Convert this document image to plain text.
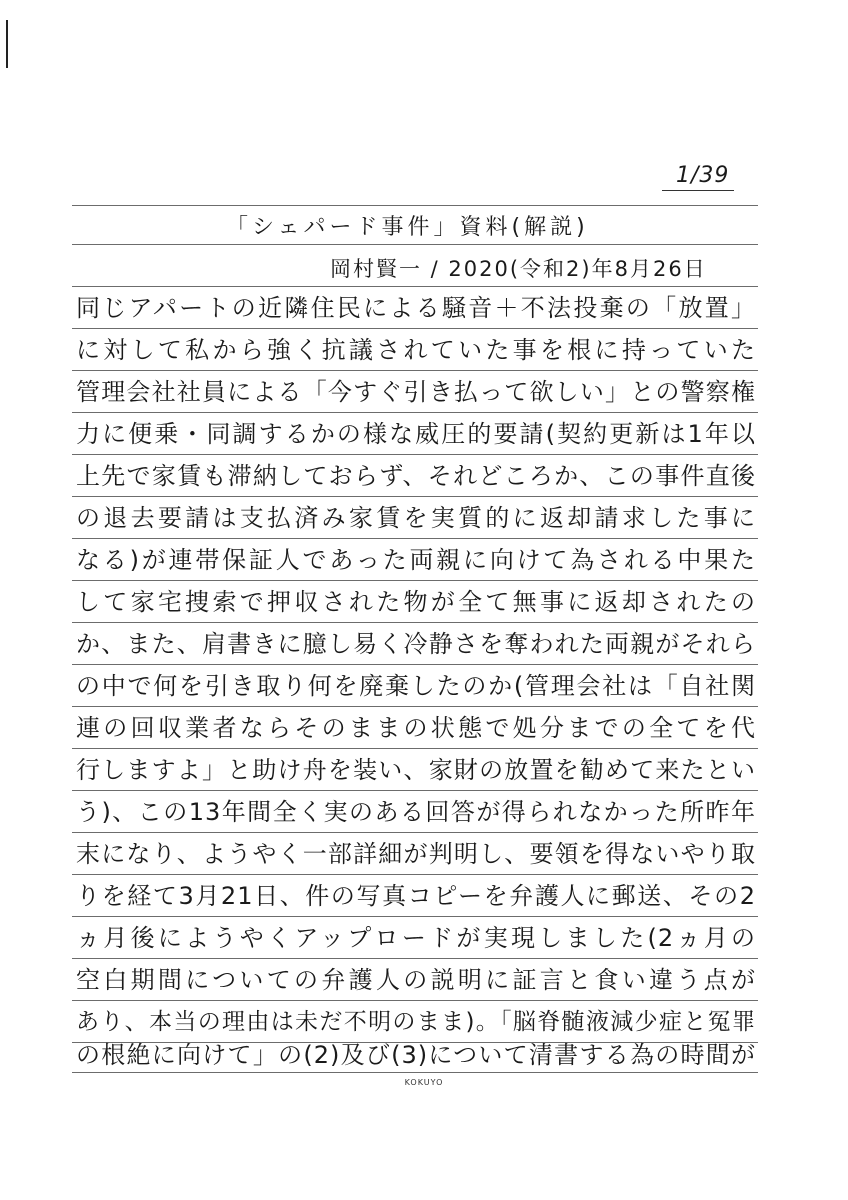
1/39
「シェパード事件」資料(解説)
岡村賢一 / 2020(令和2)年8月26日
同じアパートの近隣住民による騒音＋不法投棄の「放置」
に対して私から強く抗議されていた事を根に持っていた
管理会社社員による「今すぐ引き払って欲しい」との警察権
力に便乗・同調するかの様な威圧的要請(契約更新は1年以
上先で家賃も滞納しておらず、それどころか、この事件直後
の退去要請は支払済み家賃を実質的に返却請求した事に
なる)が連帯保証人であった両親に向けて為される中果た
して家宅捜索で押収された物が全て無事に返却されたの
か、また、肩書きに臆し易く冷静さを奪われた両親がそれら
の中で何を引き取り何を廃棄したのか(管理会社は「自社関
連の回収業者ならそのままの状態で処分までの全てを代
行しますよ」と助け舟を装い、家財の放置を勧めて来たとい
う)、この13年間全く実のある回答が得られなかった所昨年
末になり、ようやく一部詳細が判明し、要領を得ないやり取
りを経て3月21日、件の写真コピーを弁護人に郵送、その2
ヵ月後にようやくアップロードが実現しました(2ヵ月の
空白期間についての弁護人の説明に証言と食い違う点が
あり、本当の理由は未だ不明のまま)。「脳脊髄液減少症と冤罪
の根絶に向けて」の(2)及び(3)について清書する為の時間が
KOKUYO
